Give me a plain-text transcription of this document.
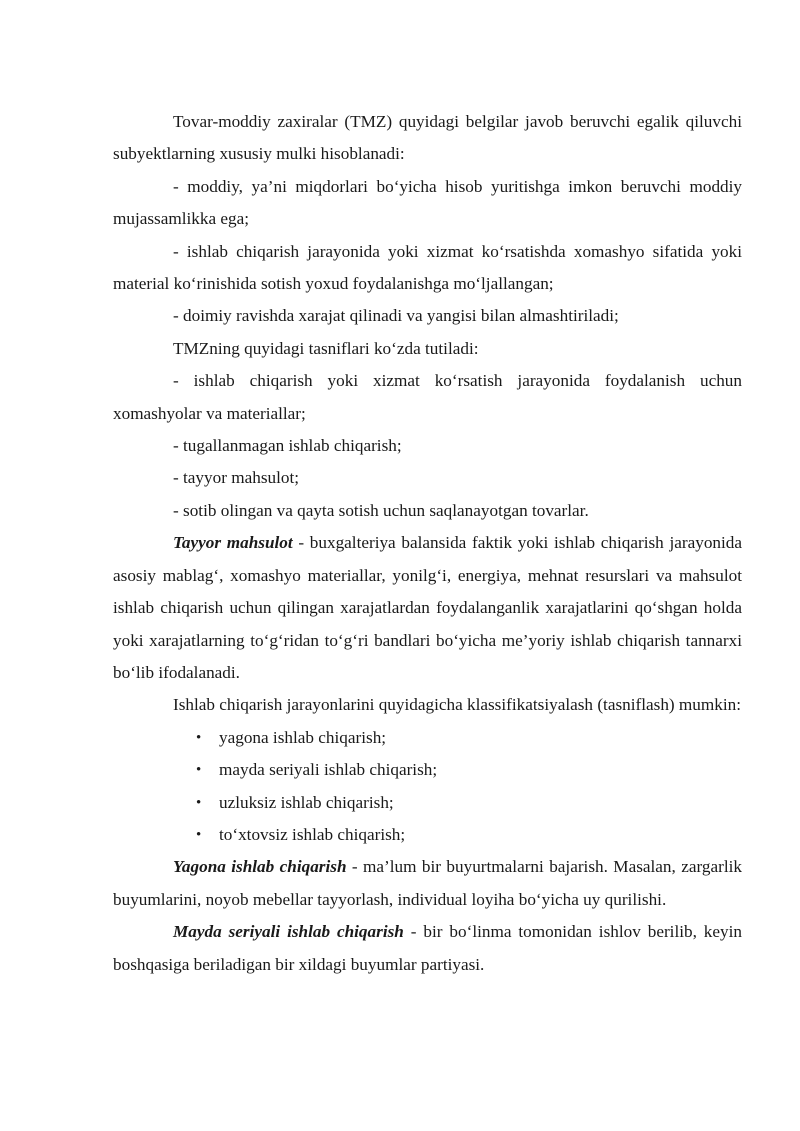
Tovar-moddiy zaxiralar (TMZ) quyidagi belgilar javob beruvchi egalik qiluvchi subyektlarning xususiy mulki hisoblanadi:

- moddiy, ya’ni miqdorlari bo‘yicha hisob yuritishga imkon beruvchi moddiy mujassamlikka ega;

- ishlab chiqarish jarayonida yoki xizmat ko‘rsatishda xomashyo sifatida yoki material ko‘rinishida sotish yoxud foydalanishga mo‘ljallangan;

- doimiy ravishda xarajat qilinadi va yangisi bilan almashtiriladi;

TMZning quyidagi tasniflari ko‘zda tutiladi:

- ishlab chiqarish yoki xizmat ko‘rsatish jarayonida foydalanish uchun xomashyolar va materiallar;

- tugallanmagan ishlab chiqarish;

- tayyor mahsulot;

- sotib olingan va qayta sotish uchun saqlanayotgan tovarlar.

Tayyor mahsulot - buxgalteriya balansida faktik yoki ishlab chiqarish jarayonida asosiy mablag‘, xomashyo materiallar, yonilg‘i, energiya, mehnat resurslari va mahsulot ishlab chiqarish uchun qilingan xarajatlardan foydalanganlik xarajatlarini qo‘shgan holda yoki xarajatlarning to‘g‘ridan to‘g‘ri bandlari bo‘yicha me’yoriy ishlab chiqarish tannarxi bo‘lib ifodalanadi.

Ishlab chiqarish jarayonlarini quyidagicha klassifikatsiyalash (tasniflash) mumkin:

• yagona ishlab chiqarish;
• mayda seriyali ishlab chiqarish;
• uzluksiz ishlab chiqarish;
• to‘xtovsiz ishlab chiqarish;

Yagona ishlab chiqarish - ma’lum bir buyurtmalarni bajarish. Masalan, zargarlik buyumlarini, noyob mebellar tayyorlash, individual loyiha bo‘yicha uy qurilishi.

Mayda seriyali ishlab chiqarish - bir bo‘linma tomonidan ishlov berilib, keyin boshqasiga beriladigan bir xildagi buyumlar partiyasi.
